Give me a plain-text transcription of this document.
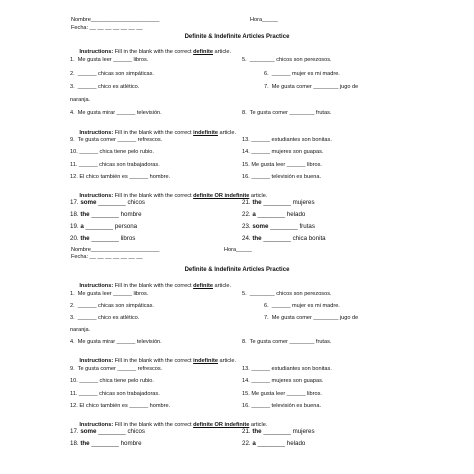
Nombre______________________	Hora_____
Fecha: __ __ __ __ __ __ __
Definite & Indefinite Articles Practice

Instructions: Fill in the blank with the correct definite article.

1.  Me gusta leer ______ libros.	5.  ________ chicos son perezosos.
2.  ______ chicas son simpáticas.	6.  ______ mujer es mi madre.
3.  ______ chico es atlético.	7.  Me gusta comer ________ jugo de
naranja.
4.  Me gusta mirar ______ televisión.	8.  Te gusta comer ________ frutas.

Instructions: Fill in the blank with the correct indefinite article.

9.  Te gusta comer ______ refrescos.	13. ______ estudiantes son bonitas.
10. ______ chica tiene pelo rubio.	14. ______ mujeres son guapas.
11. ______ chicas son trabajadoras.	15. Me gusta leer ______ libros.
12. El chico también es ______ hombre.	16. ______ televisión es buena.

Instructions: Fill in the blank with the correct definite OR indefinite article.

17. some ________ chicos	21. the ________ mujeres
18. the ________ hombre	22. a ________ helado
19. a ________ persona	23. some ________ frutas
20. the ________ libros	24. the ________ chica bonita
Nombre______________________	Hora_____
Fecha: __ __ __ __ __ __ __
Definite & Indefinite Articles Practice

Instructions: Fill in the blank with the correct definite article.

1.  Me gusta leer ______ libros.	5.  ________ chicos son perezosos.
2.  ______ chicas son simpáticas.	6.  ______ mujer es mi madre.
3.  ______ chico es atlético.	7.  Me gusta comer ________ jugo de
naranja.
4.  Me gusta mirar ______ televisión.	8.  Te gusta comer ________ frutas.

Instructions: Fill in the blank with the correct indefinite article.

9.  Te gusta comer ______ refrescos.	13. ______ estudiantes son bonitas.
10. ______ chica tiene pelo rubio.	14. ______ mujeres son guapas.
11. ______ chicas son trabajadoras.	15. Me gusta leer ______ libros.
12. El chico también es ______ hombre.	16. ______ televisión es buena.

Instructions: Fill in the blank with the correct definite OR indefinite article.

17. some ________ chicos	21. the ________ mujeres
18. the ________ hombre	22. a ________ helado
